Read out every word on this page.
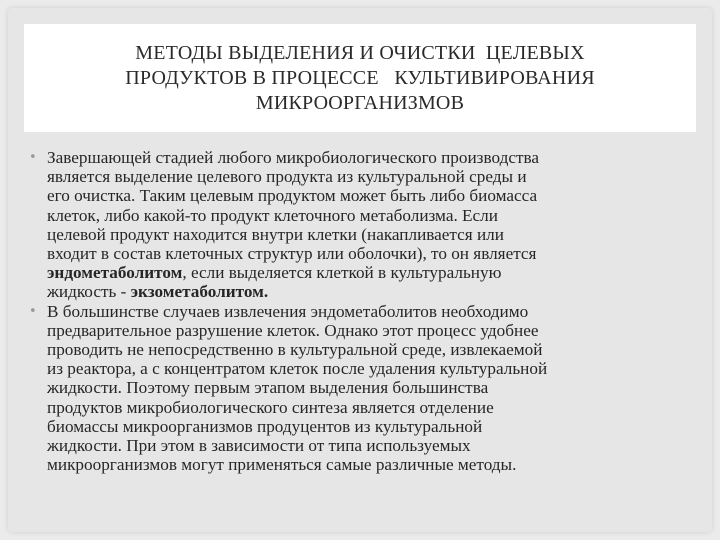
МЕТОДЫ ВЫДЕЛЕНИЯ И ОЧИСТКИ  ЦЕЛЕВЫХ
ПРОДУКТОВ В ПРОЦЕССЕ   КУЛЬТИВИРОВАНИЯ
МИКРООРГАНИЗМОВ
• Завершающей стадией любого микробиологического производства
является выделение целевого продукта из культуральной среды и
его очистка. Таким целевым продуктом может быть либо биомасса
клеток, либо какой-то продукт клеточного метаболизма. Если
целевой продукт находится внутри клетки (накапливается или
входит в состав клеточных структур или оболочки), то он является
эндометаболитом, если выделяется клеткой в культуральную
жидкость - экзометаболитом.
• В большинстве случаев извлечения эндометаболитов необходимо
предварительное разрушение клеток. Однако этот процесс удобнее
проводить не непосредственно в культуральной среде, извлекаемой
из реактора, а с концентратом клеток после удаления культуральной
жидкости. Поэтому первым этапом выделения большинства
продуктов микробиологического синтеза является отделение
биомассы микроорганизмов продуцентов из культуральной
жидкости. При этом в зависимости от типа используемых
микроорганизмов могут применяться самые различные методы.
